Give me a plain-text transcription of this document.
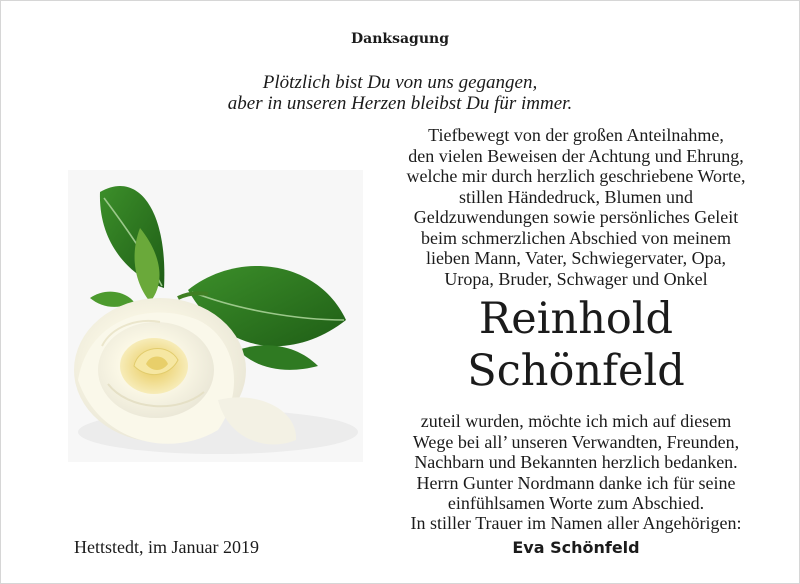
Danksagung
Plötzlich bist Du von uns gegangen,
aber in unseren Herzen bleibst Du für immer.
Tiefbewegt von der großen Anteilnahme,
den vielen Beweisen der Achtung und Ehrung,
welche mir durch herzlich geschriebene Worte,
stillen Händedruck, Blumen und
Geldzuwendungen sowie persönliches Geleit
beim schmerzlichen Abschied von meinem
lieben Mann, Vater, Schwiegervater, Opa,
Uropa, Bruder, Schwager und Onkel
Reinhold
Schönfeld
zuteil wurden, möchte ich mich auf diesem
Wege bei all’ unseren Verwandten, Freunden,
Nachbarn und Bekannten herzlich bedanken.
Herrn Gunter Nordmann danke ich für seine
einfühlsamen Worte zum Abschied.
In stiller Trauer im Namen aller Angehörigen:
Eva Schönfeld
Hettstedt, im Januar 2019
